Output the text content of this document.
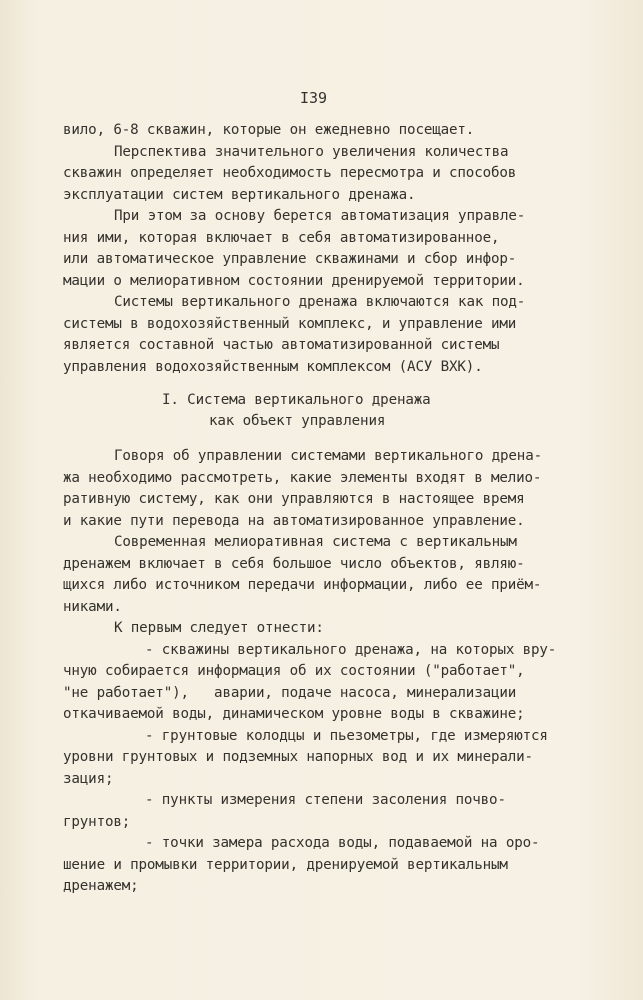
I39
вило, 6-8 скважин, которые он ежедневно посещает.
Перспектива значительного увеличения количества
скважин определяет необходимость пересмотра и способов
эксплуатации систем вертикального дренажа.
При этом за основу берется автоматизация управле-
ния ими, которая включает в себя автоматизированное,
или автоматическое управление скважинами и сбор инфор-
мации о мелиоративном состоянии дренируемой территории.
Системы вертикального дренажа включаются как под-
системы в водохозяйственный комплекс, и управление ими
является составной частью автоматизированной системы
управления водохозяйственным комплексом (АСУ ВХК).
I. Система вертикального дренажа
как объект управления
Говоря об управлении системами вертикального дрена-
жа необходимо рассмотреть, какие элементы входят в мелио-
ративную систему, как они управляются в настоящее время
и какие пути перевода на автоматизированное управление.
Современная мелиоративная система с вертикальным
дренажем включает в себя большое число объектов, являю-
щихся либо источником передачи информации, либо ее приём-
никами.
К первым следует отнести:
- скважины вертикального дренажа, на которых вру-
чную собирается информация об их состоянии ("работает",
"не работает"),   аварии, подаче насоса, минерализации
откачиваемой воды, динамическом уровне воды в скважине;
- грунтовые колодцы и пьезометры, где измеряются
уровни грунтовых и подземных напорных вод и их минерали-
зация;
- пункты измерения степени засоления почво-
грунтов;
- точки замера расхода воды, подаваемой на оро-
шение и промывки территории, дренируемой вертикальным
дренажем;
